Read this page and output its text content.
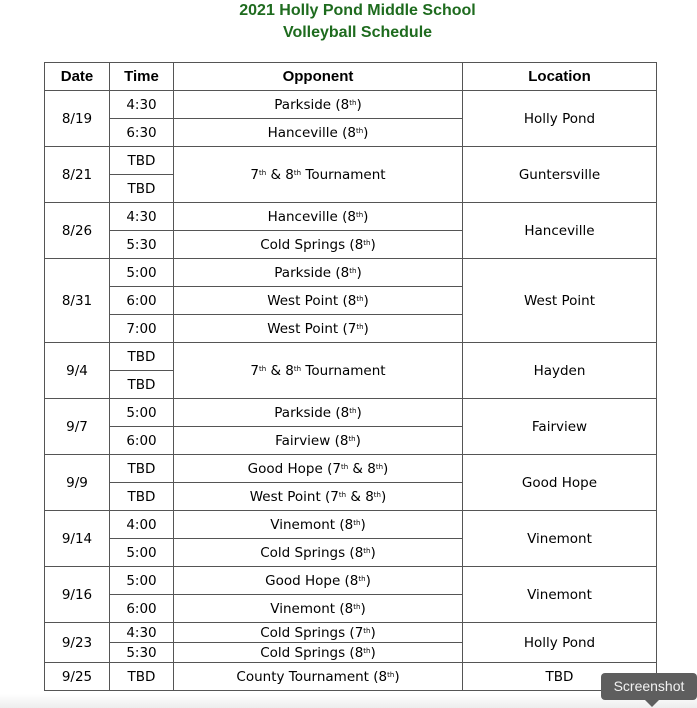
2021 Holly Pond Middle School
Volleyball Schedule
Date	Time	Opponent	Location
8/19	4:30	Parkside (8th)	Holly Pond
	6:30	Hanceville (8th)	
8/21	TBD	7th & 8th Tournament	Guntersville
	TBD		
8/26	4:30	Hanceville (8th)	Hanceville
	5:30	Cold Springs (8th)	
8/31	5:00	Parkside (8th)	West Point
	6:00	West Point (8th)	
	7:00	West Point (7th)	
9/4	TBD	7th & 8th Tournament	Hayden
	TBD		
9/7	5:00	Parkside (8th)	Fairview
	6:00	Fairview (8th)	
9/9	TBD	Good Hope (7th & 8th)	Good Hope
	TBD	West Point (7th & 8th)	
9/14	4:00	Vinemont (8th)	Vinemont
	5:00	Cold Springs (8th)	
9/16	5:00	Good Hope (8th)	Vinemont
	6:00	Vinemont (8th)	
9/23	4:30	Cold Springs (7th)	Holly Pond
	5:30	Cold Springs (8th)	
9/25	TBD	County Tournament (8th)	TBD
Screenshot
